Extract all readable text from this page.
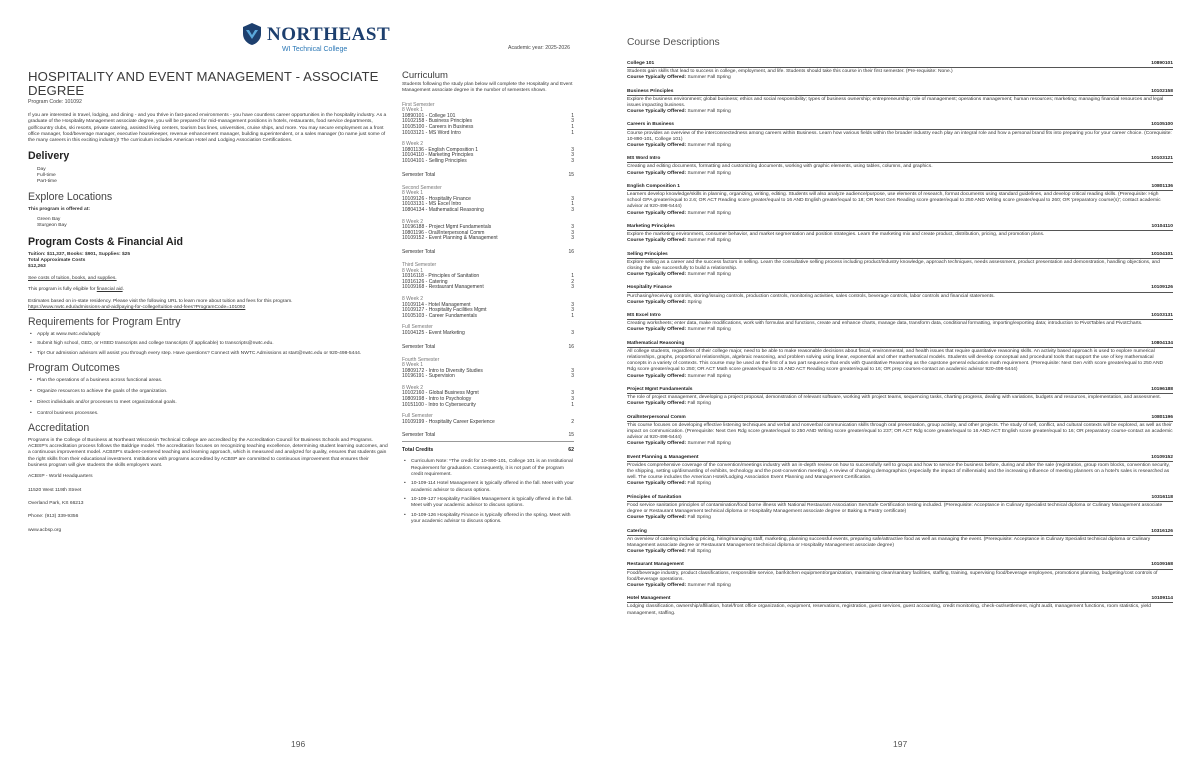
NORTHEAST
WI Technical College	Academic year: 2025-2026
HOSPITALITY AND EVENT MANAGEMENT - ASSOCIATE DEGREE
Program Code: 101092
If you are interested in travel, lodging, and dining - and you thrive in fast-paced environments - you have countless career opportunities in the hospitality industry. As a graduate of the Hospitality Management associate degree, you will be prepared for mid-management positions in hotels, restaurants, food service departments, golf/country clubs, ski resorts, private catering, assisted living centers, tourism bus lines, universities, cruise ships, and more. You may secure employment as a front office manager, food/beverage manager, executive housekeeper, revenue enhancement manager, building superintendent, or a sales manager (to name just some of the many careers in this exciting industry)! The curriculum includes American Hotel and Lodging Association Certifications.
Delivery
Day
Full-time
Part-time
Explore Locations
This program is offered at:
Green Bay
Sturgeon Bay
Program Costs & Financial Aid
Tuition: $11,337, Books: $901, Supplies: $25
Total Approximate Costs
$12,263
See costs of tuition, books, and supplies.
This program is fully eligible for financial aid.
Estimates based on in-state residency. Please visit the following URL to learn more about tuition and fees for this program.
https://www.nwtc.edu/admissions-and-aid/paying-for-college/tuition-and-fees?ProgramCode=101092
Requirements for Program Entry
• Apply at www.nwtc.edu/apply
• Submit high school, GED, or HSED transcripts and college transcripts (if applicable) to transcripts@nwtc.edu.
• Tip! Our admission advisors will assist you through every step. Have questions? Connect with NWTC Admissions at start@nwtc.edu or 920-498-5444.
Program Outcomes
• Plan the operations of a business across functional areas.
• Organize resources to achieve the goals of the organization.
• Direct individuals and/or processes to meet organizational goals.
• Control business processes.
Accreditation
Programs in the College of Business at Northeast Wisconsin Technical College are accredited by the Accreditation Council for Business Schools and Programs. ACBSP's accreditation process follows the Baldrige model. The accreditation focuses on recognizing teaching excellence, determining student learning outcomes, and a continuous improvement model. ACBSP's student-centered teaching and learning approach, which is measured and analyzed for quality, ensures that students gain the right skills from their educational investment. Institutions with programs accredited by ACBSP are committed to continuous improvement that ensures their business program will give students the skills employers want.
ACBSP - World Headquarters
11520 West 119th Street
Overland Park, KS 66213
Phone: (913) 339-9356
www.acbsp.org
Curriculum
Students following the study plan below will complete the Hospitality and Event Management associate degree in the number of semesters shown.
First Semester
8 Week 1
10890101 - College 101	1
10102158 - Business Principles	3
10105100 - Careers in Business	1
10103121 - MS Word Intro	1
8 Week 2
10801136 - English Composition 1	3
10104110 - Marketing Principles	3
10104101 - Selling Principles	3
Semester Total	15
Second Semester
8 Week 1
10109126 - Hospitality Finance	3
10103131 - MS Excel Intro	1
10804134 - Mathematical Reasoning	3
8 Week 2
10196188 - Project Mgmt Fundamentals	3
10801196 - Oral/Interpersonal Comm	3
10109152 - Event Planning & Management	3
Semester Total	16
Third Semester
8 Week 1
10316118 - Principles of Sanitation	1
10316126 - Catering	2
10109168 - Restaurant Management	3
8 Week 2
10109114 - Hotel Management	3
10109127 - Hospitality Facilities Mgmt	3
10105103 - Career Fundamentals	1
Full Semester
10104125 - Event Marketing	3
Semester Total	16
Fourth Semester
8 Week 1
10809172 - Intro to Diversity Studies	3
10196191 - Supervision	3
8 Week 2
10102160 - Global Business Mgmt	3
10809198 - Intro to Psychology	3
10151100 - Intro to Cybersecurity	1
Full Semester
10109199 - Hospitality Career Experience	2
Semester Total	15
Total Credits	62
• Curriculum Note: *The credit for 10-890-101, College 101 is an Institutional Requirement for graduation. Consequently, it is not part of the program credit requirement.
• 10-109-114 Hotel Management is typically offered in the fall. Meet with your academic advisor to discuss options.
• 10-109-127 Hospitality Facilities Management is typically offered in the fall. Meet with your academic advisor to discuss options.
• 10-109-126 Hospitality Finance is typically offered in the spring. Meet with your academic advisor to discuss options.
196
Course Descriptions
College 101	10890101
Students gain skills that lead to success in college, employment, and life. Students should take this course in their first semester. (Pre-requisite: None.)
Course Typically Offered: Summer Fall Spring
Business Principles	10102158
Explore the business environment; global business; ethics and social responsibility; types of business ownership; entrepreneurship; role of management; operations management; human resources; marketing; managing financial resources and legal issues impacting business.
Course Typically Offered: Summer Fall Spring
Careers in Business	10105100
Course provides an overview of the interconnectedness among careers within Business. Learn how various fields within the broader industry each play an integral role and how a personal brand fits into preparing you for your career choice. (Corequisite: 10-890-101, College 101)
Course Typically Offered: Summer Fall Spring
MS Word Intro	10103121
Creating and editing documents, formatting and customizing documents, working with graphic elements, using tables, columns, and graphics.
Course Typically Offered: Summer Fall Spring
English Composition 1	10801136
Learners develop knowledge/skills in planning, organizing, writing, editing. Students will also analyze audience/purpose, use elements of research, format documents using standard guidelines, and develop critical reading skills. (Prerequisite: High school GPA greater/equal to 2.6; OR ACT Reading score greater/equal to 16 AND English greater/equal to 18; OR Next Gen Reading score greater/equal to 250 AND Writing score greater/equal to 260; OR 'preparatory course(s)'; contact academic advisor at 920-498-5444)
Course Typically Offered: Summer Fall Spring
Marketing Principles	10104110
Explore the marketing environment, consumer behavior, and market segmentation and position strategies. Learn the marketing mix and create product, distribution, pricing, and promotion plans.
Course Typically Offered: Summer Fall Spring
Selling Principles	10104101
Explore selling as a career and the success factors in selling. Learn the consultative selling process including product/industry knowledge, approach techniques, needs assessment, product presentation and demonstration, handling objections, and closing the sale successfully to build a relationship.
Course Typically Offered: Summer Fall Spring
Hospitality Finance	10109126
Purchasing/receiving controls, storing/issuing controls, production controls, monitoring activities, sales controls, beverage controls, labor controls and financial statements.
Course Typically Offered: Spring
MS Excel Intro	10103131
Creating worksheets; enter data, make modifications, work with formulas and functions, create and enhance charts, manage data, transform data, conditional formatting, importing/exporting data; introduction to PivotTables and PivotCharts.
Course Typically Offered: Summer Fall Spring
Mathematical Reasoning	10804134
All college students, regardless of their college major, need to be able to make reasonable decisions about fiscal, environmental, and health issues that require quantitative reasoning skills. An activity based approach is used to explore numerical relationships, graphs, proportional relationships, algebraic reasoning, and problem solving using linear, exponential and other mathematical models. Students will develop conceptual and procedural tools that support the use of key mathematical concepts in a variety of contexts. This course may be used as the first of a two part sequence that ends with Quantitative Reasoning as the capstone general education math requirement. (Prerequisite: Next Gen Arith score greater/equal to 250 AND Rdg score greater/equal to 250; OR ACT Math score greater/equal to 15 AND ACT Reading score greater/equal to 16; OR prep courses-contact an academic advisor 920-498-5444)
Course Typically Offered: Summer Fall Spring
Project Mgmt Fundamentals	10196188
The role of project management, developing a project proposal, demonstration of relevant software, working with project teams, sequencing tasks, charting progress, dealing with variations, budgets and resources, implementation, and assessment.
Course Typically Offered: Fall Spring
Oral/Interpersonal Comm	10801196
This course focuses on developing effective listening techniques and verbal and nonverbal communication skills through oral presentation, group activity, and other projects. The study of self, conflict, and cultural contexts will be explored, as well as their impact on communication. (Prerequisite: Next Gen Rdg score greater/equal to 250 AND Writing score greater/equal to 237; OR ACT Rdg score greater/equal to 16 AND ACT English score greater/equal to 16; OR preparatory course-contact an academic advisor at 920-498-5444)
Course Typically Offered: Summer Fall Spring
Event Planning & Management	10109152
Provides comprehensive coverage of the convention/meetings industry with an in-depth review on how to successfully sell to groups and how to service the business before, during and after the sale (registration, group room blocks, convention security, the shipping, setting up/dismantling of exhibits, technology and the post-convention meeting). A review of changing demographics (especially the impact of millennials) and the increasing influence of meeting planners on a hotel's sales is researched as well. The course includes the American Hotel/Lodging Association Event Planning and Management Certification.
Course Typically Offered: Fall Spring
Principles of Sanitation	10316118
Food service sanitation principles of contamination/food borne illness with National Restaurant Association ServSafe Certification testing included. (Prerequisite: Acceptance in Culinary Specialist technical diploma or Culinary Management associate degree or Restaurant Management technical diploma or Hospitality Management associate degree or Baking & Pastry certificate)
Course Typically Offered: Fall Spring
Catering	10316126
An overview of catering including pricing, hiring/managing staff, marketing, planning successful events, preparing safe/attractive food as well as managing the event. (Prerequisite: Acceptance in Culinary Specialist technical diploma or Culinary Management associate degree or Restaurant Management technical diploma or Hospitality Management associate degree)
Course Typically Offered: Fall Spring
Restaurant Management	10109168
Food/beverage industry, product classifications, responsible service, bar/kitchen equipment/organization, maintaining clean/sanitary facilities, staffing, training, supervising food/beverage employees, promotions planning, budgeting/cost controls of food/beverage operations.
Course Typically Offered: Summer Fall Spring
Hotel Management	10109114
Lodging classification, ownership/affiliation, hotel/front office organization, equipment, reservations, registration, guest services, guest accounting, credit monitoring, check-out/settlement, night audit, management functions, room statistics, yield management, staffing.
197
